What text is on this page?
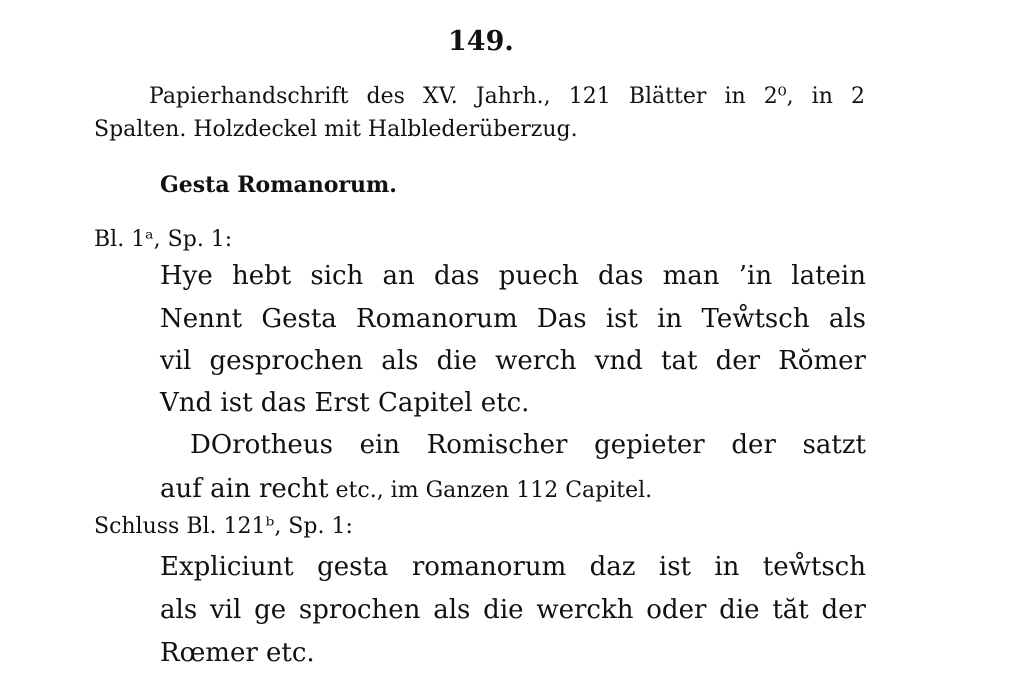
149.
Papierhandschrift des XV. Jahrh., 121 Blätter in 2⁰, in 2
Spalten. Holzdeckel mit Halblederüberzug.
Gesta Romanorum.
Bl. 1ᵃ, Sp. 1:
Hye hebt sich an das puech das man ’in latein
Nennt Gesta Romanorum Das ist in Teẘtsch als
vil gesprochen als die werch vnd tat der Rŏmer
Vnd ist das Erst Capitel etc.
DOrotheus ein Romischer gepieter der satzt
auf ain recht etc., im Ganzen 112 Capitel.
Schluss Bl. 121ᵇ, Sp. 1:
Expliciunt gesta romanorum daz ist in teẘtsch
als vil ge sprochen als die werckh oder die tăt der
Rœmer etc.
